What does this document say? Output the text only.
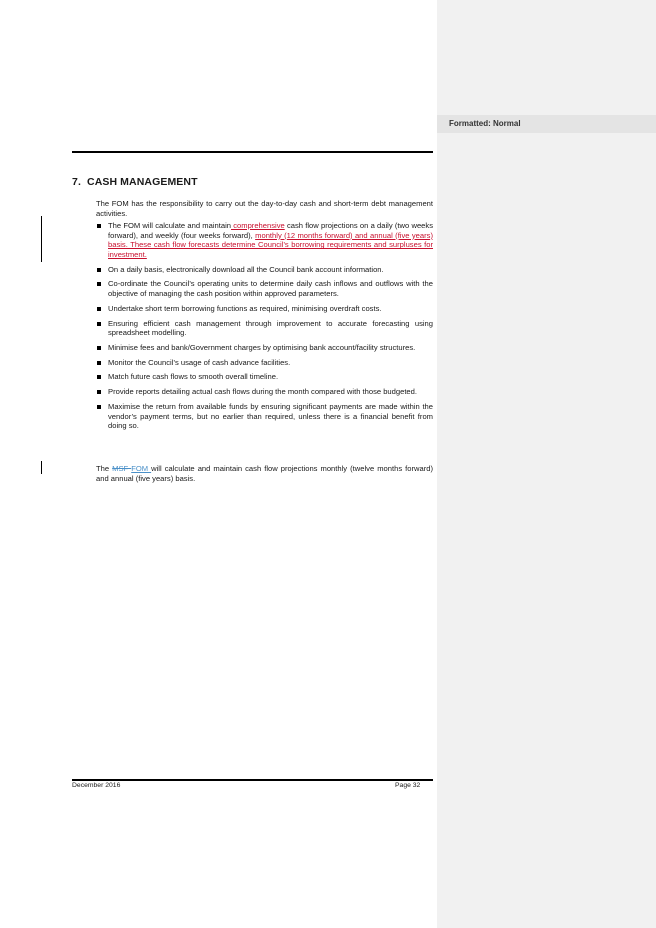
7. CASH MANAGEMENT

The FOM has the responsibility to carry out the day-to-day cash and short-term debt management activities.

The FOM will calculate and maintain comprehensive cash flow projections on a daily (two weeks forward), and weekly (four weeks forward), monthly (12 months forward) and annual (five years) basis. These cash flow forecasts determine Council’s borrowing requirements and surpluses for investment.
On a daily basis, electronically download all the Council bank account information.
Co-ordinate the Council’s operating units to determine daily cash inflows and outflows with the objective of managing the cash position within approved parameters.
Undertake short term borrowing functions as required, minimising overdraft costs.
Ensuring efficient cash management through improvement to accurate forecasting using spreadsheet modelling.
Minimise fees and bank/Government charges by optimising bank account/facility structures.
Monitor the Council’s usage of cash advance facilities.
Match future cash flows to smooth overall timeline.
Provide reports detailing actual cash flows during the month compared with those budgeted.
Maximise the return from available funds by ensuring significant payments are made within the vendor’s payment terms, but no earlier than required, unless there is a financial benefit from doing so.

The MSF FOM will calculate and maintain cash flow projections monthly (twelve months forward) and annual (five years) basis.

December 2016	Page 32
Formatted: Normal
